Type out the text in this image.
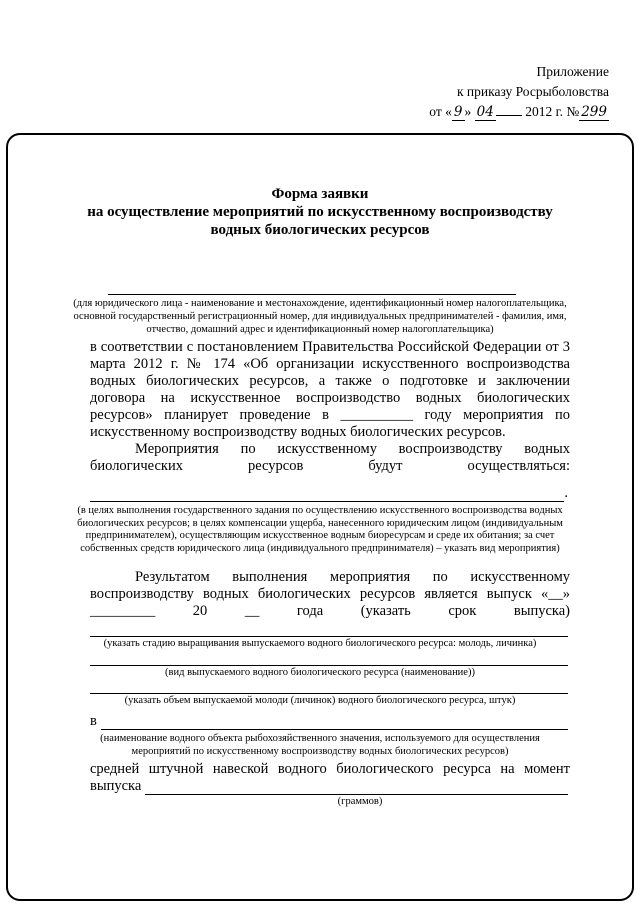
Приложение
к приказу Росрыболовства
от « 9 » 04 2012 г. № 299
Форма заявки
на осуществление мероприятий по искусственному воспроизводству
водных биологических ресурсов
(для юридического лица - наименование и местонахождение, идентификационный номер налогоплательщика, основной государственный регистрационный номер, для индивидуальных предпринимателей - фамилия, имя, отчество, домашний адрес и идентификационный номер налогоплательщика)
в соответствии с постановлением Правительства Российской Федерации от 3 марта 2012 г. № 174 «Об организации искусственного воспроизводства водных биологических ресурсов, а также о подготовке и заключении договора на искусственное воспроизводство водных биологических ресурсов» планирует проведение в __________ году мероприятия по искусственному воспроизводству водных биологических ресурсов.
Мероприятия по искусственному воспроизводству водных биологических ресурсов будут осуществляться:
.
(в целях выполнения государственного задания по осуществлению искусственного воспроизводства водных биологических ресурсов; в целях компенсации ущерба, нанесенного юридическим лицом (индивидуальным предпринимателем), осуществляющим искусственное водным биоресурсам и среде их обитания; за счет собственных средств юридического лица (индивидуального предпринимателя) – указать вид мероприятия)
Результатом выполнения мероприятия по искусственному воспроизводству водных биологических ресурсов является выпуск «__» _________ 20 __ года (указать срок выпуска)
(указать стадию выращивания выпускаемого водного биологического ресурса: молодь, личинка)
(вид выпускаемого водного биологического ресурса (наименование))
(указать объем выпускаемой молоди (личинок) водного биологического ресурса, штук)
в
(наименование водного объекта рыбохозяйственного значения, используемого для осуществления мероприятий по искусственному воспроизводству водных биологических ресурсов)
средней штучной навеской водного биологического ресурса на момент
выпуска
(граммов)
